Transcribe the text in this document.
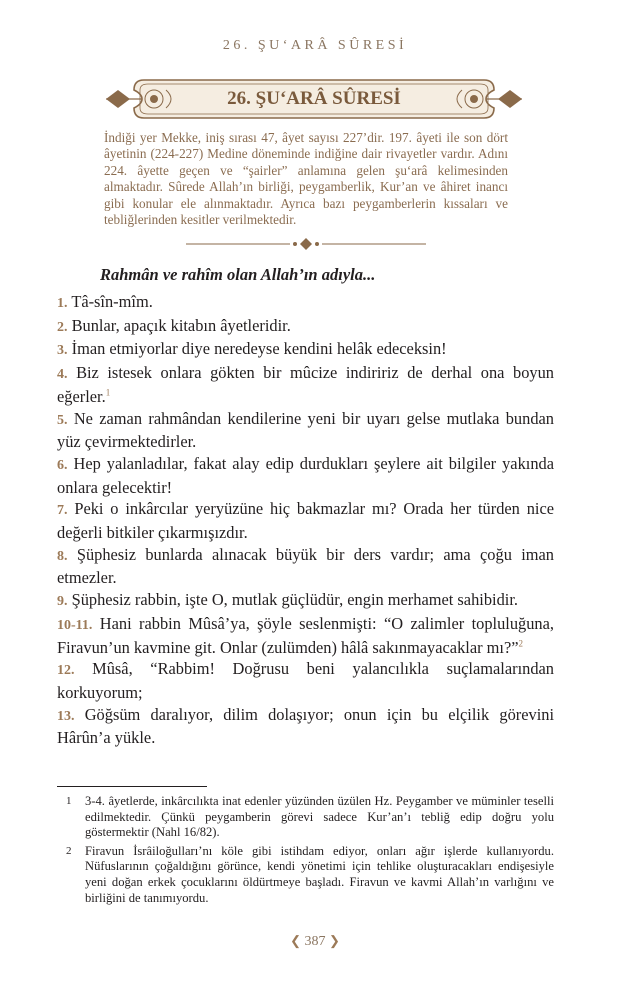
26. ŞU‘ARÂ SÛRESİ
26. ŞU‘ARÂ SÛRESİ
İndiği yer Mekke, iniş sırası 47, âyet sayısı 227’dir. 197. âyeti ile son dört âyetinin (224-227) Medine döneminde indiğine dair rivayetler vardır. Adını 224. âyette geçen ve “şairler” anlamına gelen şu‘arâ kelimesinden almaktadır. Sûrede Allah’ın birliği, peygamberlik, Kur’an ve âhiret inancı gibi konular ele alınmaktadır. Ayrıca bazı peygamberlerin kıssaları ve tebliğlerinden kesitler verilmektedir.
Rahmân ve rahîm olan Allah’ın adıyla...

1. Tâ-sîn-mîm.

2. Bunlar, apaçık kitabın âyetleridir.

3. İman etmiyorlar diye neredeyse kendini helâk edeceksin!

4. Biz istesek onlara gökten bir mûcize indiririz de derhal ona boyun eğerler.$^1$

5. Ne zaman rahmândan kendilerine yeni bir uyarı gelse mutlaka bundan yüz çevirmektedirler.

6. Hep yalanladılar, fakat alay edip durdukları şeylere ait bilgiler yakında onlara gelecektir!

7. Peki o inkârcılar yeryüzüne hiç bakmazlar mı? Orada her türden nice değerli bitkiler çıkarmışızdır.

8. Şüphesiz bunlarda alınacak büyük bir ders vardır; ama çoğu iman etmezler.

9. Şüphesiz rabbin, işte O, mutlak güçlüdür, engin merhamet sahibidir.

10-11. Hani rabbin Mûsâ’ya, şöyle seslenmişti: “O zalimler topluluğuna, Firavun’un kavmine git. Onlar (zulümden) hâlâ sakınmayacaklar mı?”$^2$

12. Mûsâ, “Rabbim! Doğrusu beni yalancılıkla suçlamalarından korkuyorum;

13. Göğsüm daralıyor, dilim dolaşıyor; onun için bu elçilik görevini Hârûn’a yükle.

1	3-4. âyetlerde, inkârcılıkta inat edenler yüzünden üzülen Hz. Peygamber ve müminler teselli edilmektedir. Çünkü peygamberin görevi sadece Kur’an’ı tebliğ edip doğru yolu göstermektir (Nahl 16/82).
2	Firavun İsrâiloğulları’nı köle gibi istihdam ediyor, onları ağır işlerde kullanıyordu. Nüfuslarının çoğaldığını görünce, kendi yönetimi için tehlike oluşturacakları endişesiyle yeni doğan erkek çocuklarını öldürtmeye başladı. Firavun ve kavmi Allah’ın varlığını ve birliğini de tanımıyordu.
❮ 387 ❯
